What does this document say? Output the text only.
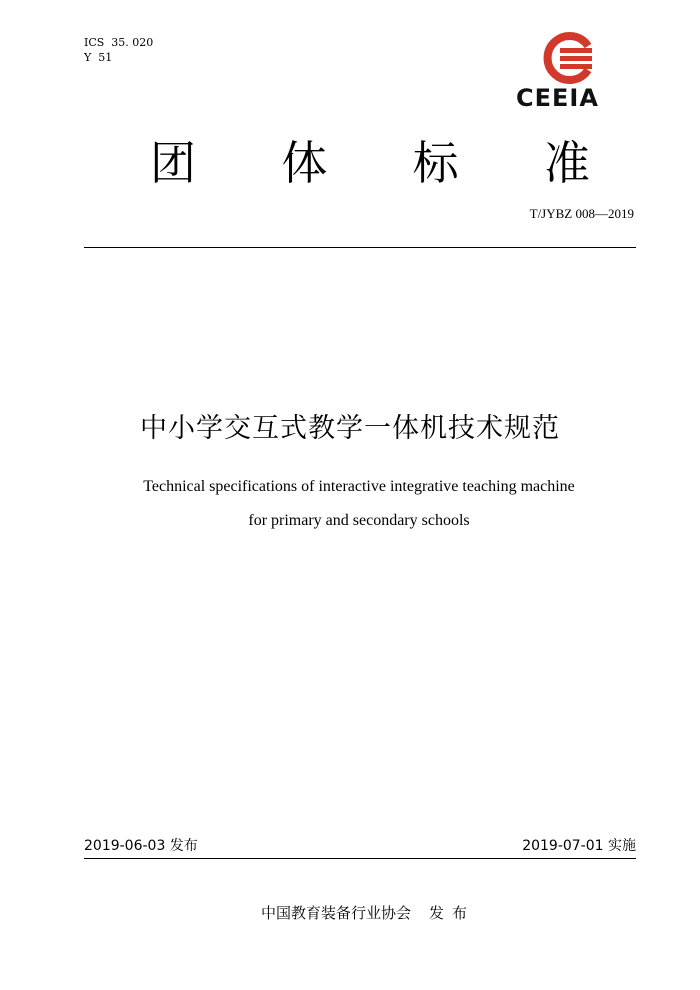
ICS  35. 020
Y  51
CEEIA
团 体 标 准
T/JYBZ 008—2019
中小学交互式教学一体机技术规范
Technical specifications of interactive integrative teaching machine
for primary and secondary schools
2019-06-03 发布	2019-07-01 实施
中国教育装备行业协会 发布
